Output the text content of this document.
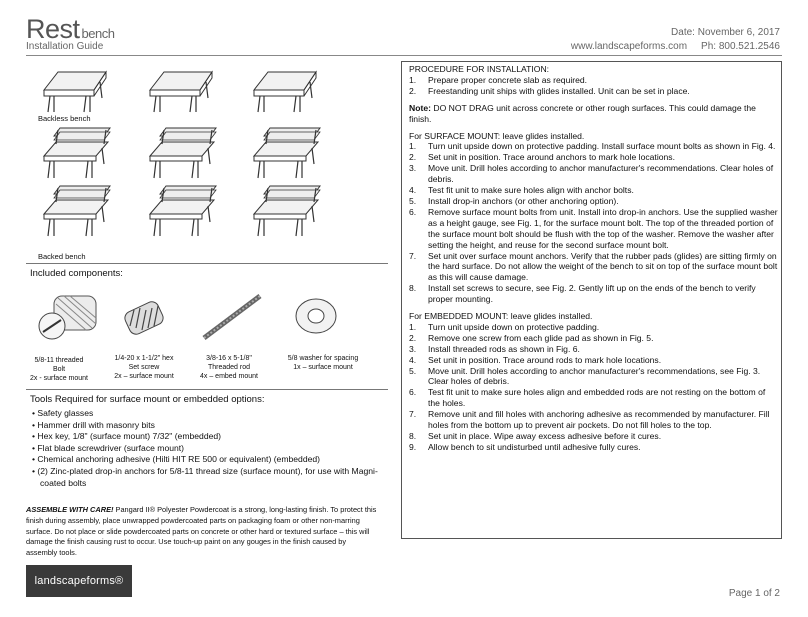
Rest bench
Installation Guide
Date: November 6, 2017
www.landscapeforms.com Ph: 800.521.2546
Backless bench
Backed bench
Included components:
5/8-11 threaded
Bolt
2x - surface mount
1/4-20 x 1-1/2" hex
Set screw
2x – surface mount
3/8-16 x 5-1/8"
Threaded rod
4x – embed mount
5/8 washer for spacing
1x – surface mount
Tools Required for surface mount or embedded options:
• Safety glasses
• Hammer drill with masonry bits
• Hex key, 1/8" (surface mount) 7/32" (embedded)
• Flat blade screwdriver (surface mount)
• Chemical anchoring adhesive (Hilti HIT RE 500 or equivalent) (embedded)
• (2) Zinc-plated drop-in anchors for 5/8-11 thread size (surface mount), for use with Magni-coated bolts
ASSEMBLE WITH CARE! Pangard II® Polyester Powdercoat is a strong, long-lasting finish. To protect this finish during assembly, place unwrapped powdercoated parts on packaging foam or other non-marring surface. Do not place or slide powdercoated parts on concrete or other hard or textured surface – this will damage the finish causing rust to occur. Use touch-up paint on any gouges in the finish caused by assembly tools.
landscapeforms®
PROCEDURE FOR INSTALLATION:
1. Prepare proper concrete slab as required.
2. Freestanding unit ships with glides installed. Unit can be set in place.
Note: DO NOT DRAG unit across concrete or other rough surfaces. This could damage the finish.
For SURFACE MOUNT: leave glides installed.
1. Turn unit upside down on protective padding. Install surface mount bolts as shown in Fig. 4.
2. Set unit in position. Trace around anchors to mark hole locations.
3. Move unit. Drill holes according to anchor manufacturer's recommendations. Clear holes of debris.
4. Test fit unit to make sure holes align with anchor bolts.
5. Install drop-in anchors (or other anchoring option).
6. Remove surface mount bolts from unit. Install into drop-in anchors. Use the supplied washer as a height gauge, see Fig. 1, for the surface mount bolt. The top of the threaded portion of the surface mount bolt should be flush with the top of the washer. Remove the washer after setting the height, and reuse for the second surface mount bolt.
7. Set unit over surface mount anchors. Verify that the rubber pads (glides) are sitting firmly on the hard surface. Do not allow the weight of the bench to sit on top of the surface mount bolt as this will cause damage.
8. Install set screws to secure, see Fig. 2. Gently lift up on the ends of the bench to verify proper mounting.
For EMBEDDED MOUNT: leave glides installed.
1. Turn unit upside down on protective padding.
2. Remove one screw from each glide pad as shown in Fig. 5.
3. Install threaded rods as shown in Fig. 6.
4. Set unit in position. Trace around rods to mark hole locations.
5. Move unit. Drill holes according to anchor manufacturer's recommendations, see Fig. 3. Clear holes of debris.
6. Test fit unit to make sure holes align and embedded rods are not resting on the bottom of the holes.
7. Remove unit and fill holes with anchoring adhesive as recommended by manufacturer. Fill holes from the bottom up to prevent air pockets. Do not fill holes to the top.
8. Set unit in place. Wipe away excess adhesive before it cures.
9. Allow bench to sit undisturbed until adhesive fully cures.
Page 1 of 2
